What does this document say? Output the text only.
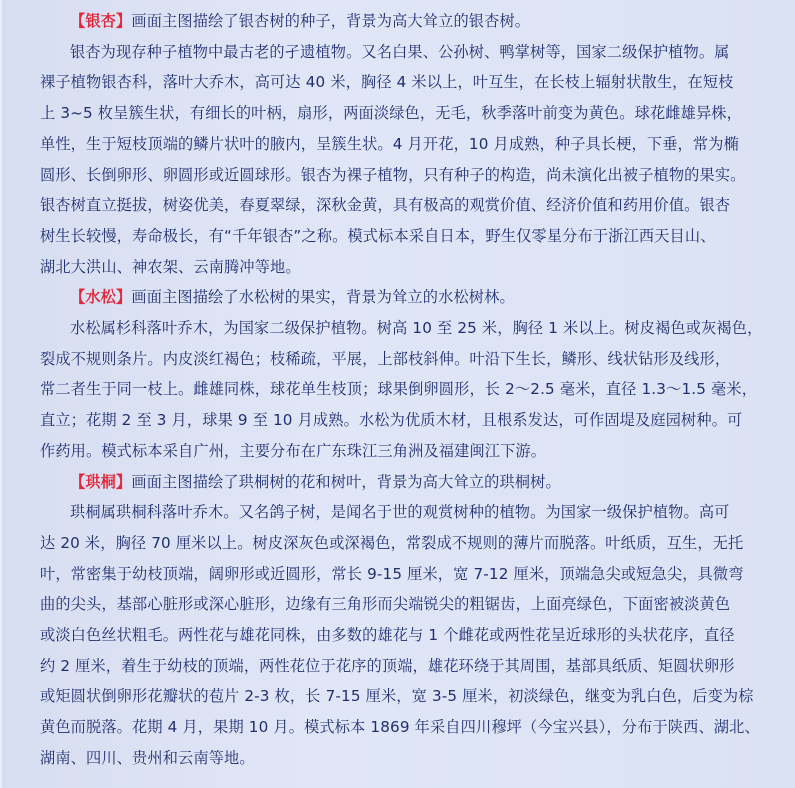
【银杏】画面主图描绘了银杏树的种子，背景为高大耸立的银杏树。

银杏为现存种子植物中最古老的孑遗植物。又名白果、公孙树、鸭掌树等，国家二级保护植物。属

裸子植物银杏科，落叶大乔木，高可达 40 米，胸径 4 米以上，叶互生，在长枝上辐射状散生，在短枝

上 3~5 枚呈簇生状，有细长的叶柄，扇形，两面淡绿色，无毛，秋季落叶前变为黄色。球花雌雄异株，

单性，生于短枝顶端的鳞片状叶的腋内，呈簇生状。4 月开花，10 月成熟，种子具长梗，下垂，常为椭

圆形、长倒卵形、卵圆形或近圆球形。银杏为裸子植物，只有种子的构造，尚未演化出被子植物的果实。

银杏树直立挺拔，树姿优美，春夏翠绿，深秋金黄，具有极高的观赏价值、经济价值和药用价值。银杏

树生长较慢，寿命极长，有“千年银杏”之称。模式标本采自日本，野生仅零星分布于浙江西天目山、

湖北大洪山、神农架、云南腾冲等地。

【水松】画面主图描绘了水松树的果实，背景为耸立的水松树林。

水松属杉科落叶乔木，为国家二级保护植物。树高 10 至 25 米，胸径 1 米以上。树皮褐色或灰褐色，

裂成不规则条片。内皮淡红褐色；枝稀疏，平展，上部枝斜伸。叶沿下生长，鳞形、线状钻形及线形，

常二者生于同一枝上。雌雄同株，球花单生枝顶；球果倒卵圆形，长 2～2.5 毫米，直径 1.3～1.5 毫米，

直立；花期 2 至 3 月，球果 9 至 10 月成熟。水松为优质木材，且根系发达，可作固堤及庭园树种。可

作药用。模式标本采自广州，主要分布在广东珠江三角洲及福建闽江下游。

【珙桐】画面主图描绘了珙桐树的花和树叶，背景为高大耸立的珙桐树。

珙桐属珙桐科落叶乔木。又名鸽子树，是闻名于世的观赏树种的植物。为国家一级保护植物。高可

达 20 米，胸径 70 厘米以上。树皮深灰色或深褐色，常裂成不规则的薄片而脱落。叶纸质，互生，无托

叶，常密集于幼枝顶端，阔卵形或近圆形，常长 9-15 厘米，宽 7-12 厘米，顶端急尖或短急尖，具微弯

曲的尖头，基部心脏形或深心脏形，边缘有三角形而尖端锐尖的粗锯齿，上面亮绿色，下面密被淡黄色

或淡白色丝状粗毛。两性花与雄花同株，由多数的雄花与 1 个雌花或两性花呈近球形的头状花序，直径

约 2 厘米，着生于幼枝的顶端，两性花位于花序的顶端，雄花环绕于其周围，基部具纸质、矩圆状卵形

或矩圆状倒卵形花瓣状的苞片 2-3 枚，长 7-15 厘米，宽 3-5 厘米，初淡绿色，继变为乳白色，后变为棕

黄色而脱落。花期 4 月，果期 10 月。模式标本 1869 年采自四川穆坪（今宝兴县），分布于陕西、湖北、

湖南、四川、贵州和云南等地。
